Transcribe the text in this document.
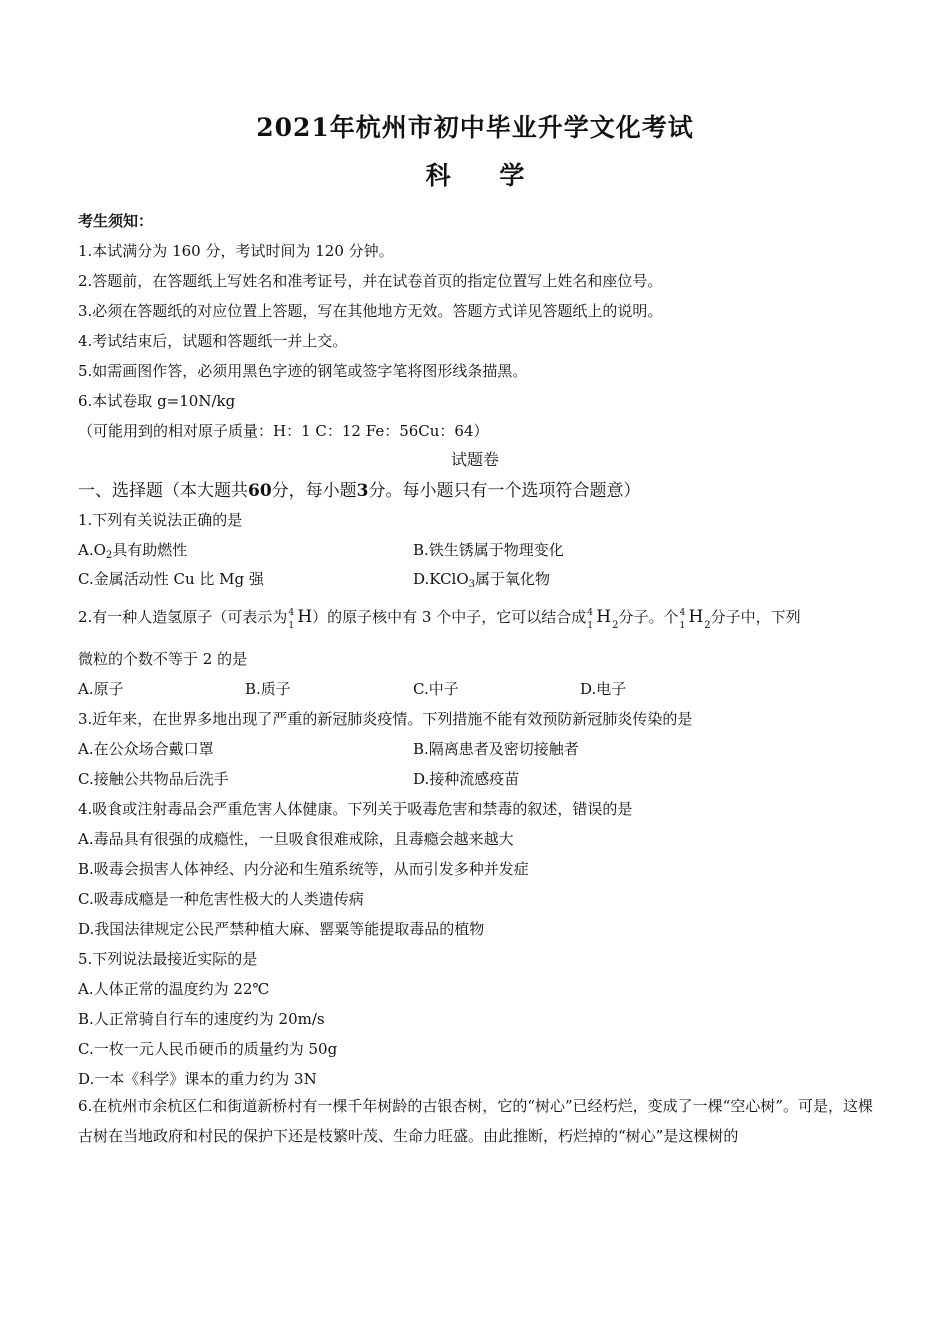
2021年杭州市初中毕业升学文化考试
科 学
考生须知：
1.本试满分为 160 分，考试时间为 120 分钟。
2.答题前，在答题纸上写姓名和准考证号，并在试卷首页的指定位置写上姓名和座位号。
3.必须在答题纸的对应位置上答题，写在其他地方无效。答题方式详见答题纸上的说明。
4.考试结束后，试题和答题纸一并上交。
5.如需画图作答，必须用黑色字迹的钢笔或签字笔将图形线条描黑。
6.本试卷取 g=10N/kg
（可能用到的相对原子质量：H：1 C：12 Fe：56Cu：64）
试题卷
一、选择题（本大题共60分，每小题3分。每小题只有一个选项符合题意）
1.下列有关说法正确的是
$A.O_2$具有助燃性	B.铁生锈属于物理变化
C.金属活动性 Cu 比 Mg 强	D.KClO$_3$属于氧化物
2.有一种人造氢原子（可表示为 4
1 H）的原子核中有 3 个中子，它可以结合成 4
1 $H_2$分子。个 4
1 $H_2$分子中，下列
微粒的个数不等于 2 的是
A.原子	B.质子	C.中子	D.电子
3.近年来，在世界多地出现了严重的新冠肺炎疫情。下列措施不能有效预防新冠肺炎传染的是
A.在公众场合戴口罩	B.隔离患者及密切接触者
C.接触公共物品后洗手	D.接种流感疫苗
4.吸食或注射毒品会严重危害人体健康。下列关于吸毒危害和禁毒的叙述，错误的是
A.毒品具有很强的成瘾性，一旦吸食很难戒除，且毒瘾会越来越大
B.吸毒会损害人体神经、内分泌和生殖系统等，从而引发多种并发症
C.吸毒成瘾是一种危害性极大的人类遗传病
D.我国法律规定公民严禁种植大麻、罂粟等能提取毒品的植物
5.下列说法最接近实际的是
A.人体正常的温度约为 22℃
B.人正常骑自行车的速度约为 20m/s
C.一枚一元人民币硬币的质量约为 50g
D.一本《科学》课本的重力约为 3N
6.在杭州市余杭区仁和街道新桥村有一棵千年树龄的古银杏树，它的“树心”已经朽烂，变成了一棵“空心树”。可是，这棵古树在当地政府和村民的保护下还是枝繁叶茂、生命力旺盛。由此推断，朽烂掉的“树心”是这棵树的
